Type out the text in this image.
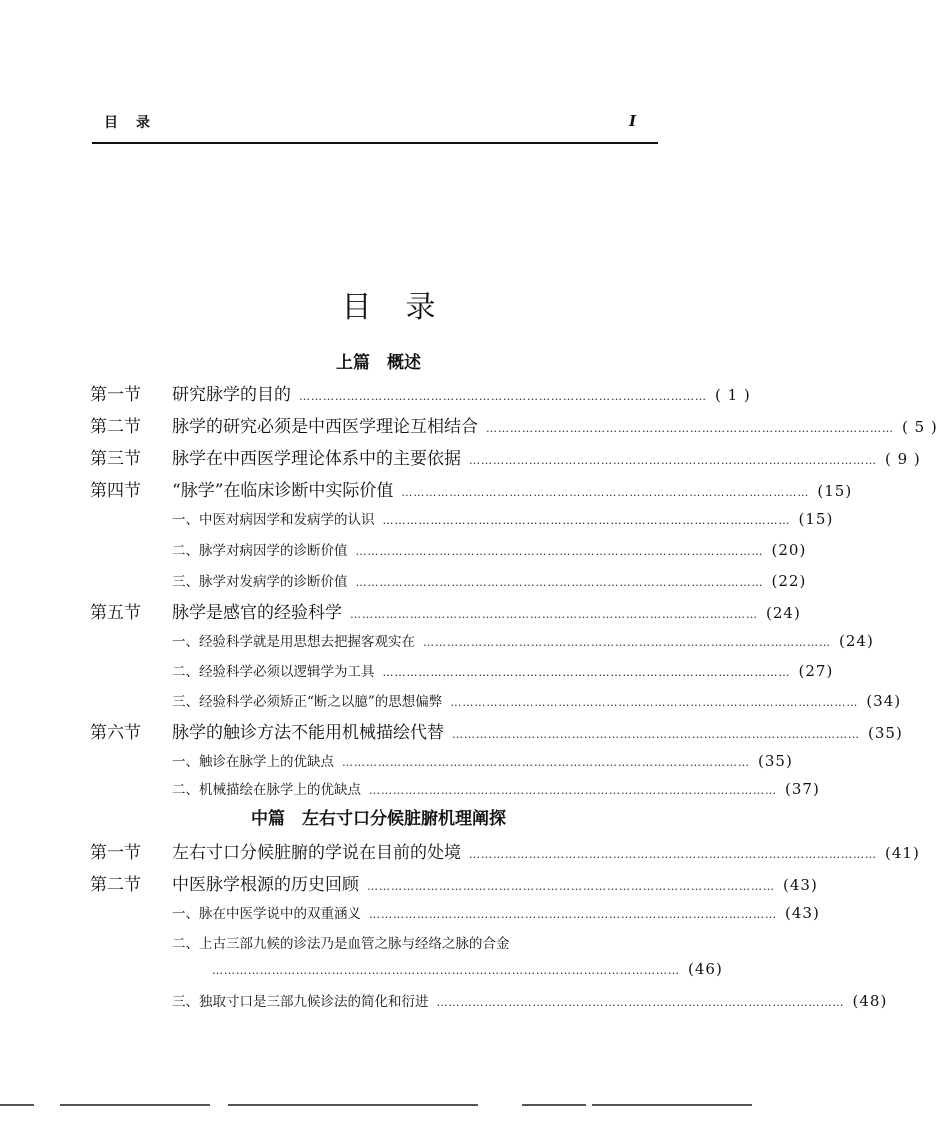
目录	I
目录
上篇　概述
中篇　左右寸口分候脏腑机理阐探
第一节	研究脉学的目的 ………………………………………………………………………………………… ( 1 )
第二节	脉学的研究必须是中西医学理论互相结合 ………………………………………………………………………………………… ( 5 )
第三节	脉学在中西医学理论体系中的主要依据 ………………………………………………………………………………………… ( 9 )
第四节	“脉学”在临床诊断中实际价值 ………………………………………………………………………………………… (15)
一、中医对病因学和发病学的认识 ………………………………………………………………………………………… (15)
二、脉学对病因学的诊断价值 ………………………………………………………………………………………… (20)
三、脉学对发病学的诊断价值 ………………………………………………………………………………………… (22)
第五节	脉学是感官的经验科学 ………………………………………………………………………………………… (24)
一、经验科学就是用思想去把握客观实在 ………………………………………………………………………………………… (24)
二、经验科学必须以逻辑学为工具 ………………………………………………………………………………………… (27)
三、经验科学必须矫正“断之以臆”的思想偏弊 ………………………………………………………………………………………… (34)
第六节	脉学的触诊方法不能用机械描绘代替 ………………………………………………………………………………………… (35)
一、触诊在脉学上的优缺点 ………………………………………………………………………………………… (35)
二、机械描绘在脉学上的优缺点 ………………………………………………………………………………………… (37)
第一节	左右寸口分候脏腑的学说在目前的处境 ………………………………………………………………………………………… (41)
第二节	中医脉学根源的历史回顾 ………………………………………………………………………………………… (43)
一、脉在中医学说中的双重涵义 ………………………………………………………………………………………… (43)
二、上古三部九候的诊法乃是血管之脉与经络之脉的合金
……………………………………………………………………………………………………… (46)
三、独取寸口是三部九候诊法的简化和衍进 ………………………………………………………………………………………… (48)
